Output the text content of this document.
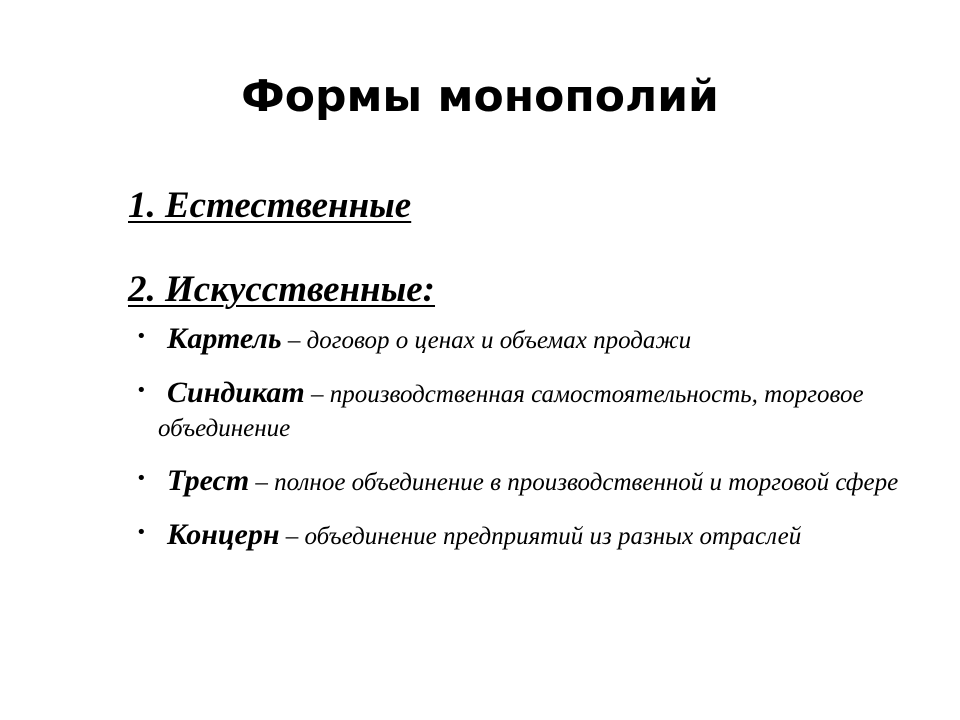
Формы монополий

1. Естественные

2. Искусственные:

• Картель – договор о ценах и объемах продажи
• Синдикат – производственная самостоятельность, торговое объединение
• Трест – полное объединение в производственной и торговой сфере
• Концерн – объединение предприятий из разных отраслей
